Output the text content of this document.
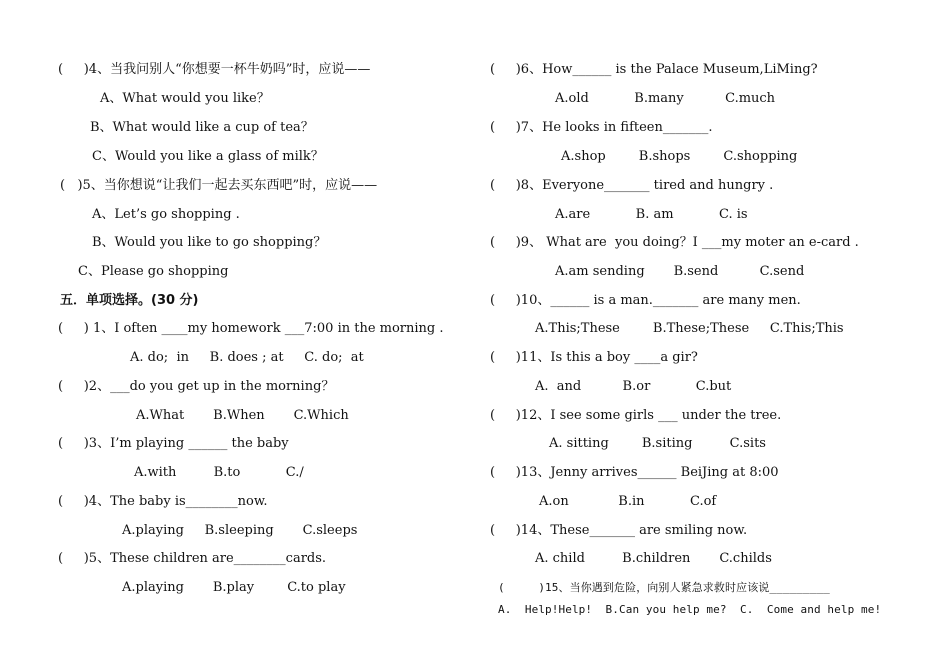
(     )4、当我问别人“你想要一杯牛奶吗”时，应说——
A、What would you like？
B、What would like a cup of tea？
C、Would you like a glass of milk？
(   )5、当你想说“让我们一起去买东西吧”时，应说——
A、Let’s go shopping .
B、Would you like to go shopping？
C、Please go shopping
五．单项选择。(30 分)
(     ) 1、I often ____my homework ___7:00 in the morning .
A. do;  in     B. does ; at     C. do;  at
(     )2、___do you get up in the morning？
A.What       B.When       C.Which
(     )3、I’m playing ______ the baby
A.with         B.to           C./
(     )4、The baby is________now.
A.playing     B.sleeping       C.sleeps
(     )5、These children are________cards.
A.playing       B.play        C.to play
(     )6、How______ is the Palace Museum,LiMing?
A.old           B.many          C.much
(     )7、He looks in fifteen_______.
A.shop        B.shops        C.shopping
(     )8、Everyone_______ tired and hungry .
A.are           B. am           C. is
(     )9、 What are  you doing？I ___my moter an e-card .
A.am sending       B.send          C.send
(     )10、______ is a man._______ are many men.
A.This;These        B.These;These     C.This;This
(     )11、Is this a boy ____a gir?
A.  and          B.or           C.but
(     )12、I see some girls ___ under the tree.
A. sitting        B.siting         C.sits
(     )13、Jenny arrives______ BeiJing at 8:00
A.on            B.in           C.of
(     )14、These_______ are smiling now.
A. child         B.children       C.childs
(     )15、当你遇到危险，向别人紧急求救时应该说_________
A.  Help!Help!  B.Can you help me?  C.  Come and help me!
